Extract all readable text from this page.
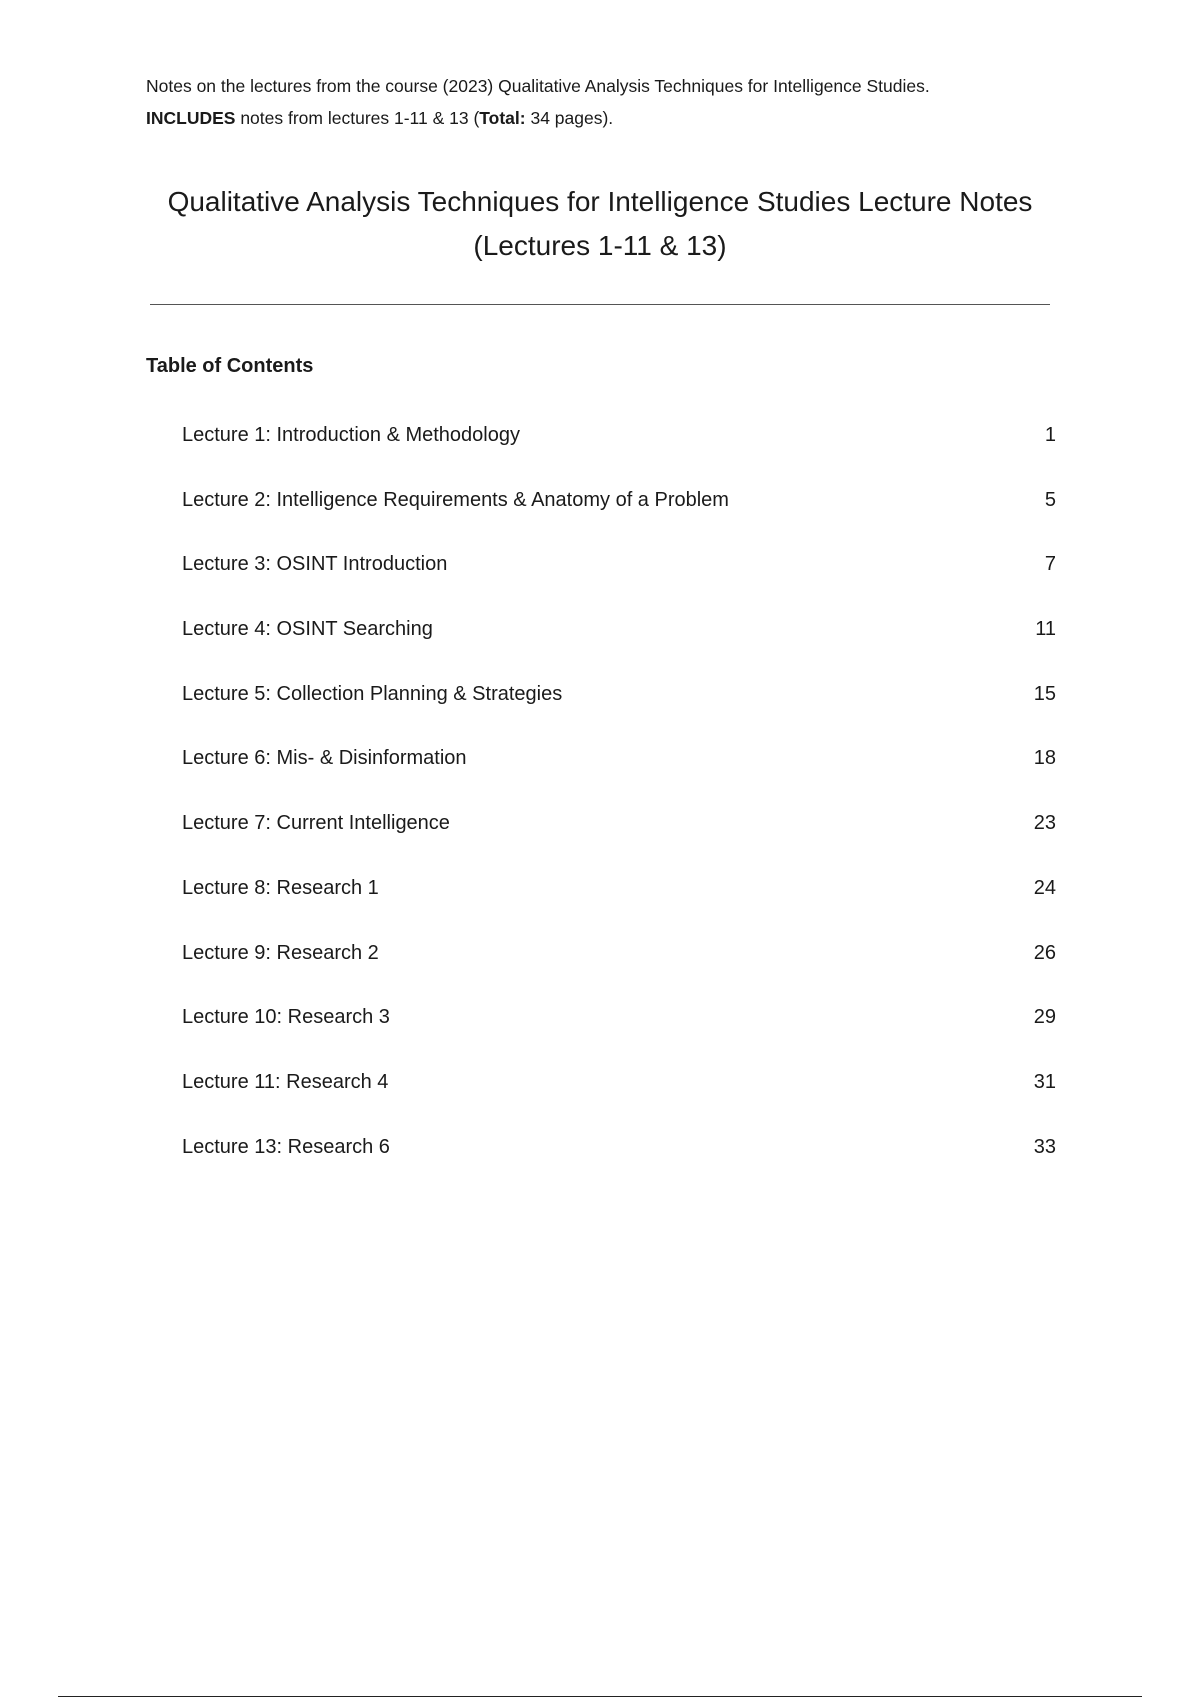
Notes on the lectures from the course (2023) Qualitative Analysis Techniques for Intelligence Studies.
INCLUDES notes from lectures 1-11 & 13 (Total: 34 pages).
Qualitative Analysis Techniques for Intelligence Studies Lecture Notes
(Lectures 1-11 & 13)
Table of Contents
Lecture 1: Introduction & Methodology	1
Lecture 2: Intelligence Requirements & Anatomy of a Problem	5
Lecture 3: OSINT Introduction	7
Lecture 4: OSINT Searching	11
Lecture 5: Collection Planning & Strategies	15
Lecture 6: Mis- & Disinformation	18
Lecture 7: Current Intelligence	23
Lecture 8: Research 1	24
Lecture 9: Research 2	26
Lecture 10: Research 3	29
Lecture 11: Research 4	31
Lecture 13: Research 6	33
